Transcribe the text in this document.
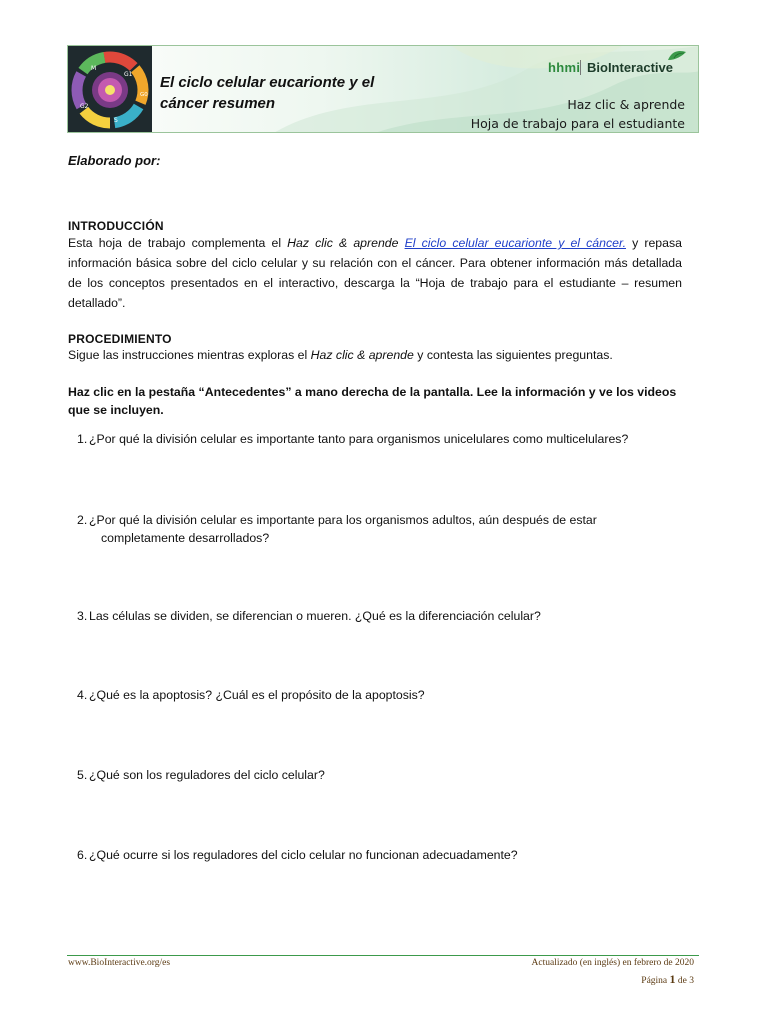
M
G1
G0
S
G2
El ciclo celular eucarionte y el cáncer resumen
hhmi BioInteractive
Haz clic & aprende
Hoja de trabajo para el estudiante
Elaborado por:
INTRODUCCIÓN
Esta hoja de trabajo complementa el Haz clic & aprende El ciclo celular eucarionte y el cáncer. y repasa información básica sobre del ciclo celular y su relación con el cáncer. Para obtener información más detallada de los conceptos presentados en el interactivo, descarga la “Hoja de trabajo para el estudiante – resumen detallado”.
PROCEDIMIENTO
Sigue las instrucciones mientras exploras el Haz clic & aprende y contesta las siguientes preguntas.
Haz clic en la pestaña “Antecedentes” a mano derecha de la pantalla. Lee la información y ve los videos que se incluyen.
1. ¿Por qué la división celular es importante tanto para organismos unicelulares como multicelulares?
2. ¿Por qué la división celular es importante para los organismos adultos, aún después de estar
completamente desarrollados?
3. Las células se dividen, se diferencian o mueren. ¿Qué es la diferenciación celular?
4. ¿Qué es la apoptosis? ¿Cuál es el propósito de la apoptosis?
5. ¿Qué son los reguladores del ciclo celular?
6. ¿Qué ocurre si los reguladores del ciclo celular no funcionan adecuadamente?
www.BioInteractive.org/es	Actualizado (en inglés) en febrero de 2020
Página 1 de 3
